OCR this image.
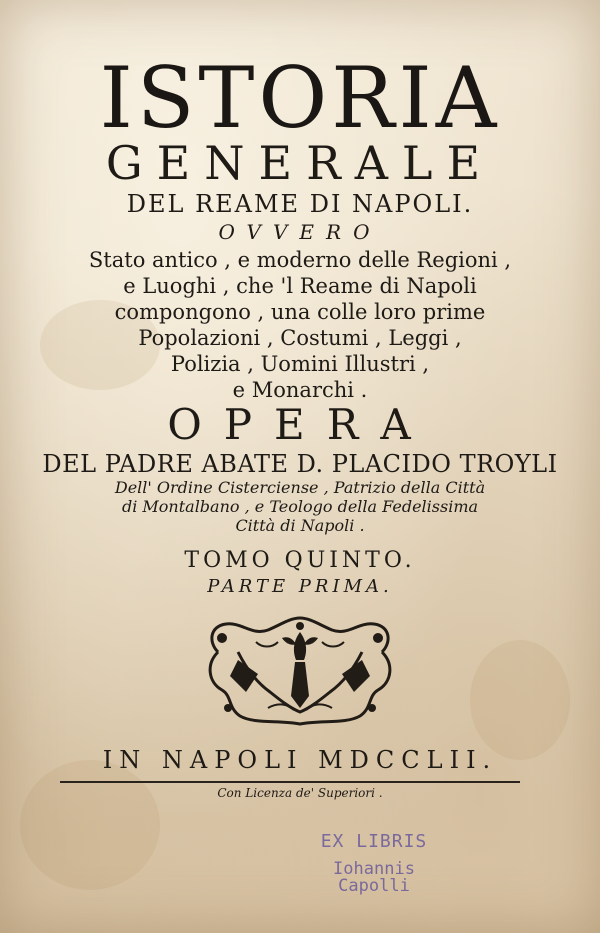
ISTORIA
GENERALE
DEL REAME DI NAPOLI.
OVVERO
Stato antico , e moderno delle Regioni ,
e Luoghi , che 'l Reame di Napoli
compongono , una colle loro prime
Popolazioni , Costumi , Leggi ,
Polizia , Uomini Illustri ,
e Monarchi .
OPERA
DEL PADRE ABATE D. PLACIDO TROYLI
Dell' Ordine Cisterciense , Patrizio della Città
di Montalbano , e Teologo della Fedelissima
Città di Napoli .
TOMO QUINTO.
PARTE PRIMA.
IN NAPOLI MDCCLII.
Con Licenza de' Superiori .
EX LIBRIS
Iohannis Capolli
